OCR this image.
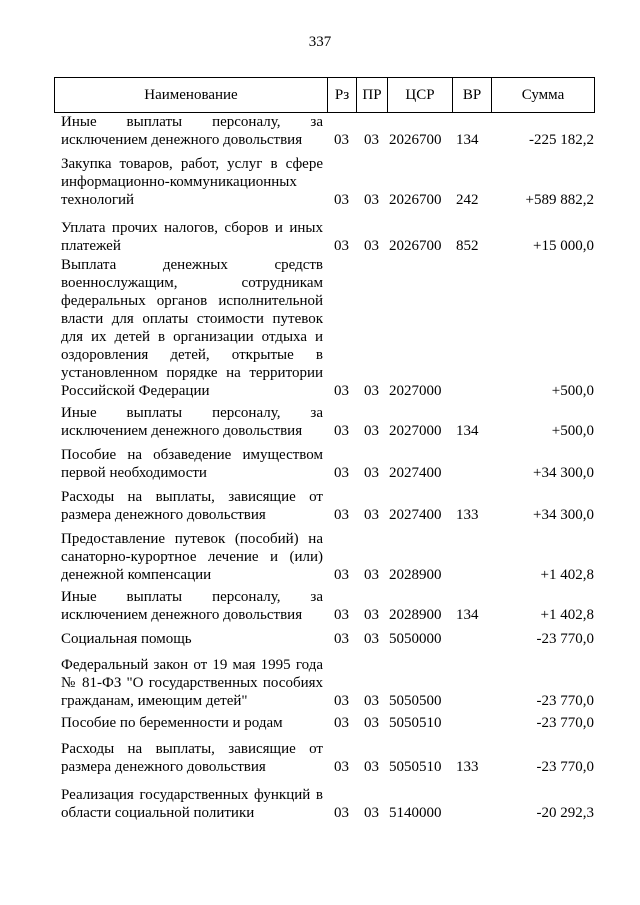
337
Наименование	Рз ПР	ЦСР	ВР	Сумма
Иные выплаты персоналу, за
исключением денежного довольствия	03 03 2026700 134	-225 182,2
Закупка товаров, работ, услуг в сфере
информационно-коммуникационных
технологий	03 03 2026700 242	+589 882,2
Уплата прочих налогов, сборов и иных
платежей	03 03 2026700 852	+15 000,0
Выплата денежных средств
военнослужащим, сотрудникам
федеральных органов исполнительной
власти для оплаты стоимости путевок
для их детей в организации отдыха и
оздоровления детей, открытые в
установленном порядке на территории
Российской Федерации	03 03 2027000	+500,0
Иные выплаты персоналу, за
исключением денежного довольствия	03 03 2027000 134	+500,0
Пособие на обзаведение имуществом
первой необходимости	03 03 2027400	+34 300,0
Расходы на выплаты, зависящие от
размера денежного довольствия	03 03 2027400 133	+34 300,0
Предоставление путевок (пособий) на
санаторно-курортное лечение и (или)
денежной компенсации	03 03 2028900	+1 402,8
Иные выплаты персоналу, за
исключением денежного довольствия	03 03 2028900 134	+1 402,8
Социальная помощь	03 03 5050000	-23 770,0
Федеральный закон от 19 мая 1995 года
№ 81-ФЗ "О государственных пособиях
гражданам, имеющим детей"	03 03 5050500	-23 770,0
Пособие по беременности и родам	03 03 5050510	-23 770,0
Расходы на выплаты, зависящие от
размера денежного довольствия	03 03 5050510 133	-23 770,0
Реализация государственных функций в
области социальной политики	03 03 5140000	-20 292,3
